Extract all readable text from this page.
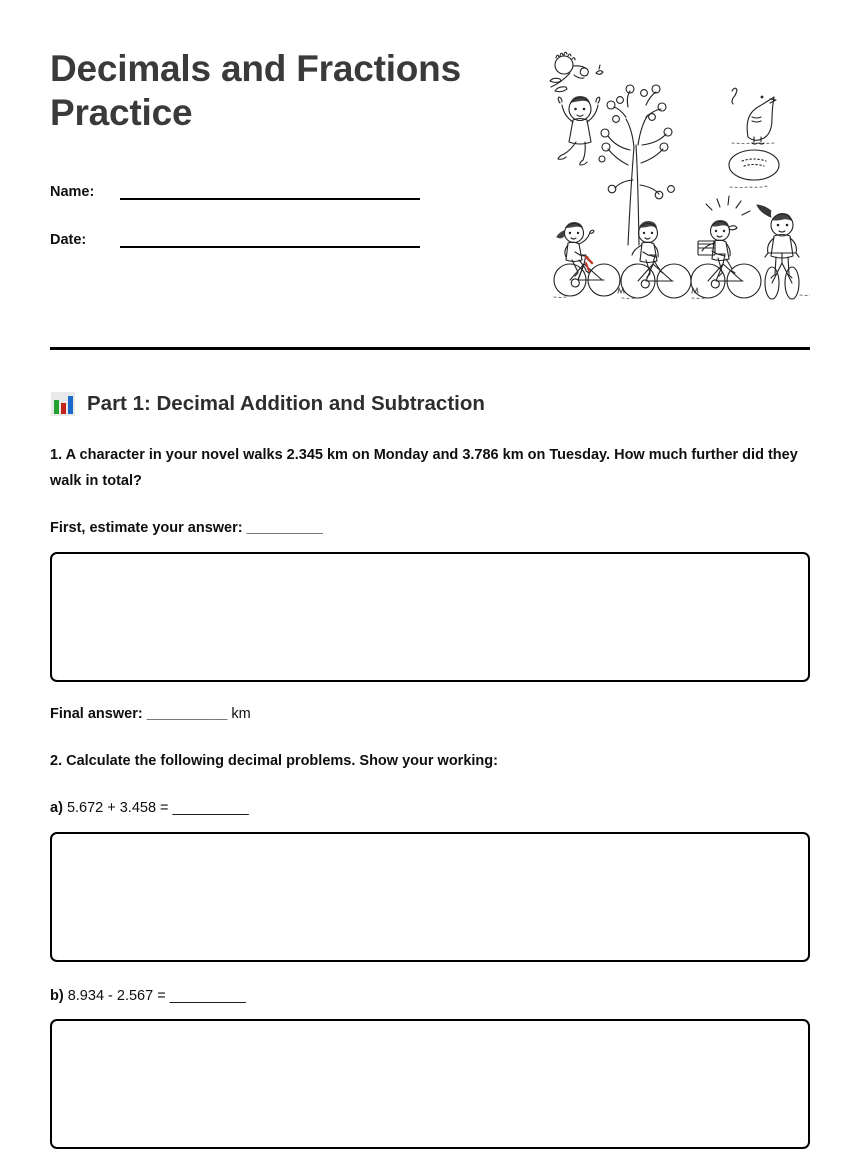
Decimals and Fractions Practice
Name:
Date:
Part 1: Decimal Addition and Subtraction

1. A character in your novel walks 2.345 km on Monday and 3.786 km on Tuesday. How much further did they walk in total?

First, estimate your answer: __________

Final answer: __________ km

2. Calculate the following decimal problems. Show your working:

a) 5.672 + 3.458 = __________

b) 8.934 - 2.567 = __________
